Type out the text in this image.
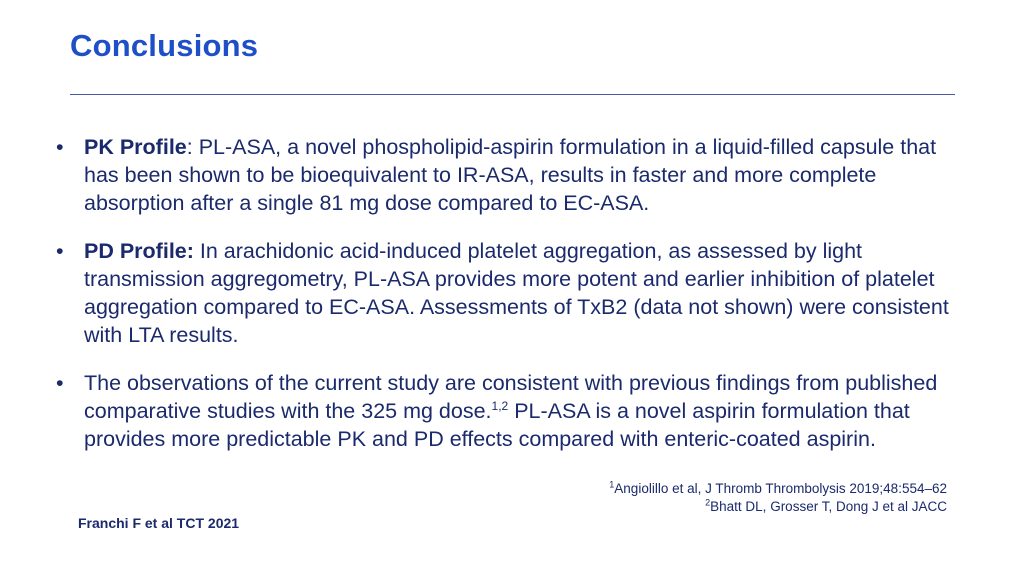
Conclusions
• PK Profile: PL-ASA, a novel phospholipid-aspirin formulation in a liquid-filled capsule that has been shown to be bioequivalent to IR-ASA, results in faster and more complete absorption after a single 81 mg dose compared to EC-ASA.
• PD Profile: In arachidonic acid-induced platelet aggregation, as assessed by light transmission aggregometry, PL-ASA provides more potent and earlier inhibition of platelet aggregation compared to EC-ASA. Assessments of TxB2 (data not shown) were consistent with LTA results.
• The observations of the current study are consistent with previous findings from published comparative studies with the 325 mg dose.$^{1,2}$ PL-ASA is a novel aspirin formulation that provides more predictable PK and PD effects compared with enteric-coated aspirin.
$^1$Angiolillo et al, J Thromb Thrombolysis 2019;48:554–62
$^2$Bhatt DL, Grosser T, Dong J et al JACC
Franchi F et al TCT 2021
